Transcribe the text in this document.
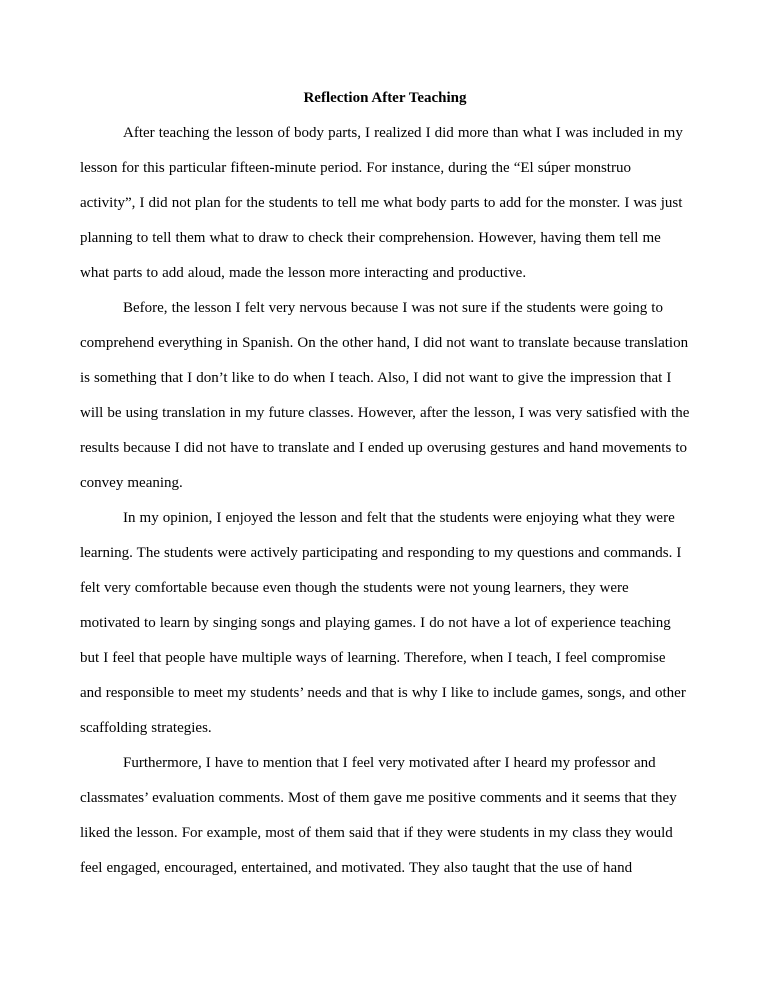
Reflection After Teaching

After teaching the lesson of body parts, I realized I did more than what I was included in my lesson for this particular fifteen-minute period. For instance, during the “El súper monstruo activity”, I did not plan for the students to tell me what body parts to add for the monster. I was just planning to tell them what to draw to check their comprehension. However, having them tell me what parts to add aloud, made the lesson more interacting and productive.

Before, the lesson I felt very nervous because I was not sure if the students were going to comprehend everything in Spanish. On the other hand, I did not want to translate because translation is something that I don’t like to do when I teach. Also, I did not want to give the impression that I will be using translation in my future classes. However, after the lesson, I was very satisfied with the results because I did not have to translate and I ended up overusing gestures and hand movements to convey meaning.

In my opinion, I enjoyed the lesson and felt that the students were enjoying what they were learning. The students were actively participating and responding to my questions and commands. I felt very comfortable because even though the students were not young learners, they were motivated to learn by singing songs and playing games. I do not have a lot of experience teaching but I feel that people have multiple ways of learning. Therefore, when I teach, I feel compromise and responsible to meet my students’ needs and that is why I like to include games, songs, and other scaffolding strategies.

Furthermore, I have to mention that I feel very motivated after I heard my professor and classmates’ evaluation comments. Most of them gave me positive comments and it seems that they liked the lesson. For example, most of them said that if they were students in my class they would feel engaged, encouraged, entertained, and motivated. They also taught that the use of hand
